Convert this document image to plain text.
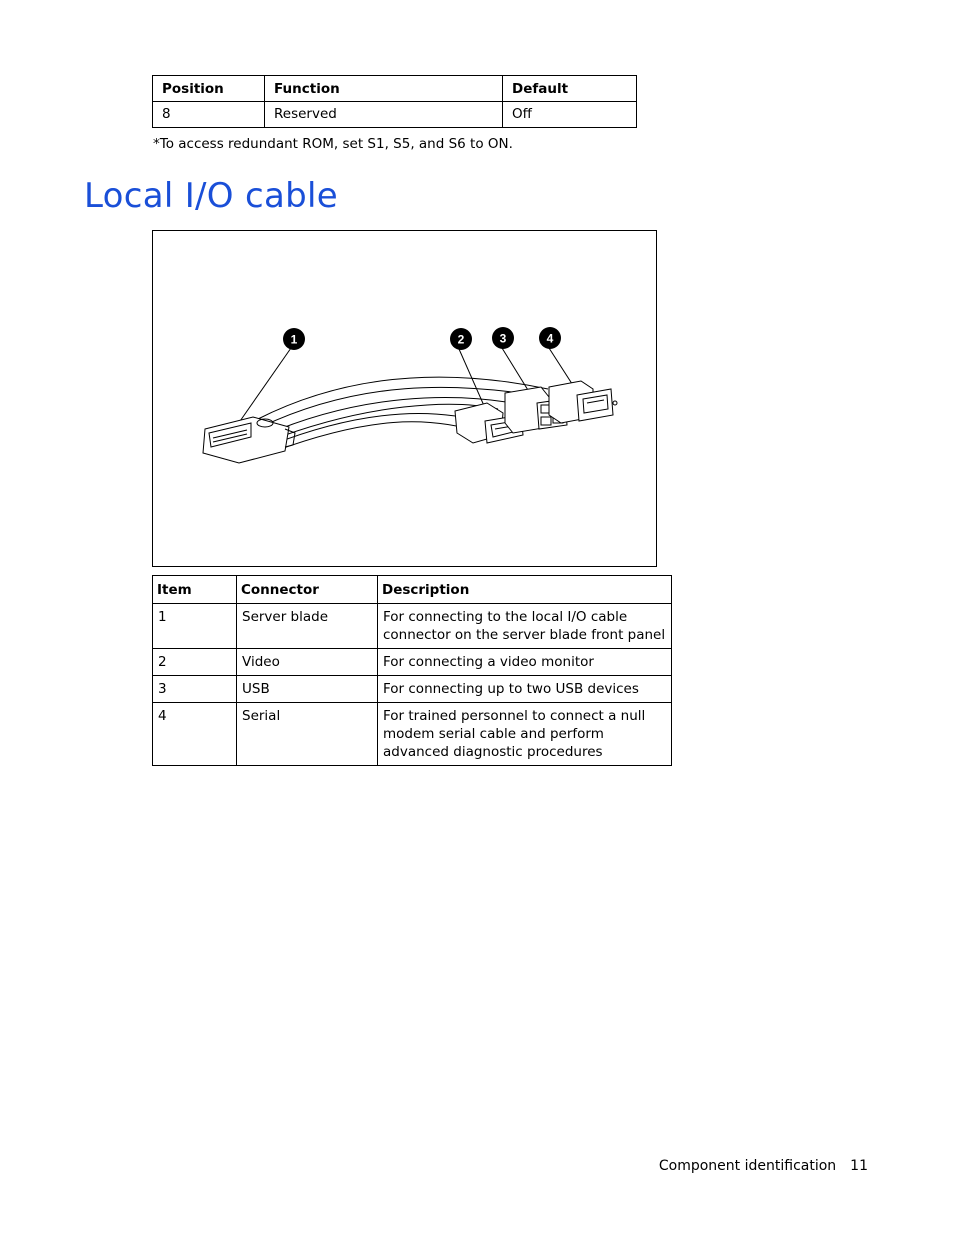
Position	Function	Default
8	Reserved	Off
*To access redundant ROM, set S1, S5, and S6 to ON.
Local I/O cable
1	2	3	4
Item	Connector	Description
1	Server blade	For connecting to the local I/O cable connector on the server blade front panel
2	Video	For connecting a video monitor
3	USB	For connecting up to two USB devices
4	Serial	For trained personnel to connect a null modem serial cable and perform advanced diagnostic procedures
Component identification 11
